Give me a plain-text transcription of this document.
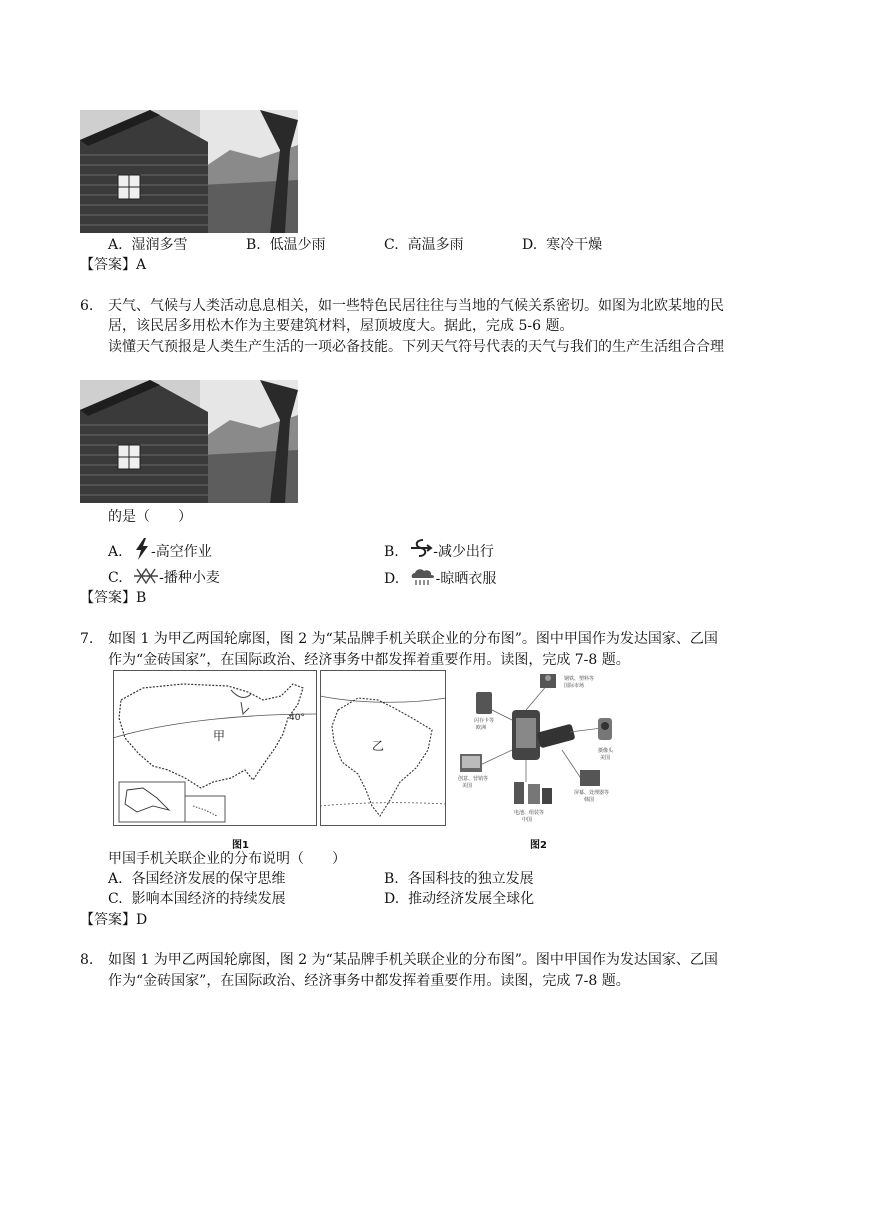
A. 湿润多雪	B. 低温少雨	C. 高温多雨	D. 寒冷干燥
【答案】A
6. 天气、气候与人类活动息息相关，如一些特色民居往往与当地的气候关系密切。如图为北欧某地的民
居，该民居多用松木作为主要建筑材料，屋顶坡度大。据此，完成 5-6 题。
读懂天气预报是人类生产生活的一项必备技能。下列天气符号代表的天气与我们的生产生活组合合理
的是（　　）
A. -高空作业	B. -减少出行
C.	-播种小麦	D.	-晾晒衣服
【答案】B
7. 如图 1 为甲乙两国轮廓图，图 2 为“某品牌手机关联企业的分布图”。图中甲国作为发达国家、乙国
作为“金砖国家”，在国际政治、经济事务中都发挥着重要作用。读图，完成 7-8 题。
40°
甲
乙
图1
钢铁、塑料等
国际市场
闪存卡等
欧洲
摄像头
美国
创意、营销等
美国
屏幕、处理器等
韩国
电池、组装等
中国
图2
甲国手机关联企业的分布说明（　　）
A. 各国经济发展的保守思维	B. 各国科技的独立发展
C. 影响本国经济的持续发展	D. 推动经济发展全球化
【答案】D
8. 如图 1 为甲乙两国轮廓图，图 2 为“某品牌手机关联企业的分布图”。图中甲国作为发达国家、乙国
作为“金砖国家”，在国际政治、经济事务中都发挥着重要作用。读图，完成 7-8 题。
